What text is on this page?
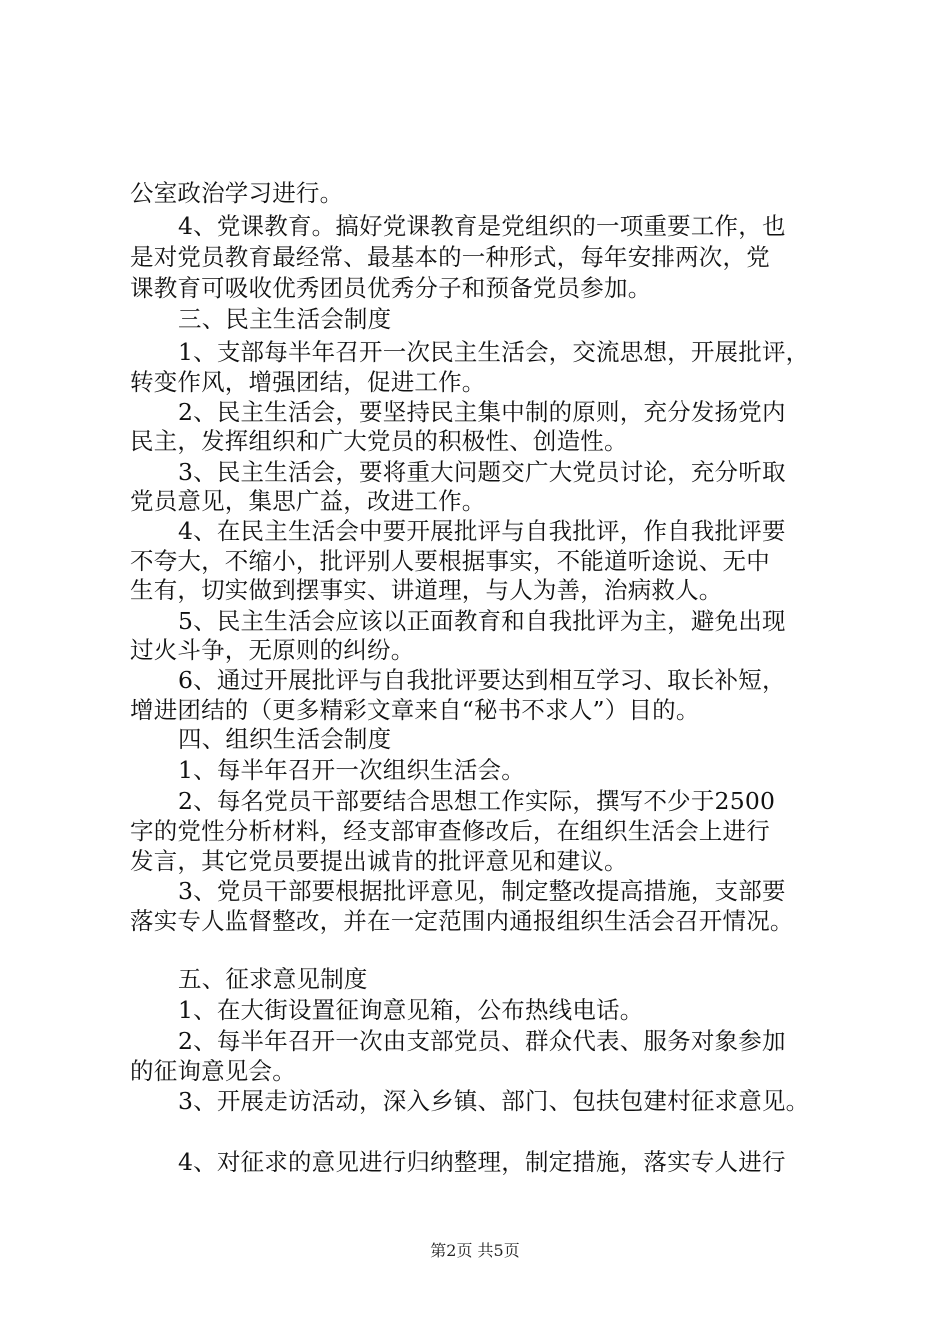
公室政治学习进行。
4、党课教育。搞好党课教育是党组织的一项重要工作，也
是对党员教育最经常、最基本的一种形式，每年安排两次，党
课教育可吸收优秀团员优秀分子和预备党员参加。
三、民主生活会制度
1、支部每半年召开一次民主生活会，交流思想，开展批评，
转变作风，增强团结，促进工作。
2、民主生活会，要坚持民主集中制的原则，充分发扬党内
民主，发挥组织和广大党员的积极性、创造性。
3、民主生活会，要将重大问题交广大党员讨论，充分听取
党员意见，集思广益，改进工作。
4、在民主生活会中要开展批评与自我批评，作自我批评要
不夸大，不缩小，批评别人要根据事实，不能道听途说、无中
生有，切实做到摆事实、讲道理，与人为善，治病救人。
5、民主生活会应该以正面教育和自我批评为主，避免出现
过火斗争，无原则的纠纷。
6、通过开展批评与自我批评要达到相互学习、取长补短，
增进团结的（更多精彩文章来自“秘书不求人”）目的。
四、组织生活会制度
1、每半年召开一次组织生活会。
2、每名党员干部要结合思想工作实际，撰写不少于2500
字的党性分析材料，经支部审查修改后，在组织生活会上进行
发言，其它党员要提出诚肯的批评意见和建议。
3、党员干部要根据批评意见，制定整改提高措施，支部要
落实专人监督整改，并在一定范围内通报组织生活会召开情况。
五、征求意见制度
1、在大街设置征询意见箱，公布热线电话。
2、每半年召开一次由支部党员、群众代表、服务对象参加
的征询意见会。
3、开展走访活动，深入乡镇、部门、包扶包建村征求意见。
4、对征求的意见进行归纳整理，制定措施，落实专人进行
第2页 共5页
